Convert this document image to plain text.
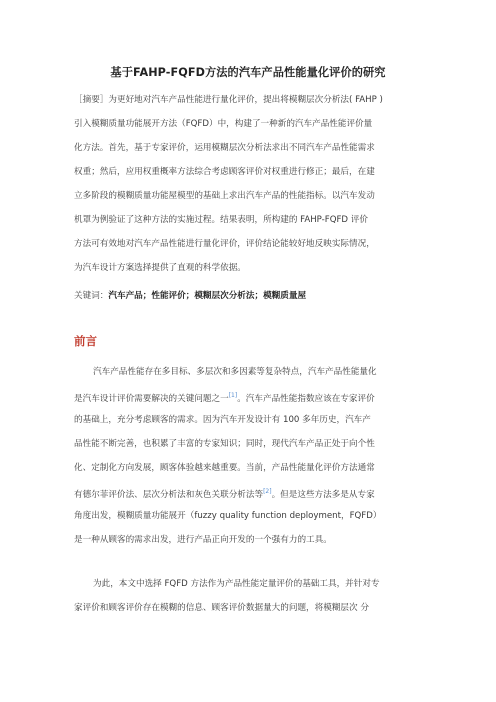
基于FAHP-FQFD方法的汽车产品性能量化评价的研究
［摘要］为更好地对汽车产品性能进行量化评价，提出将模糊层次分析法( FAHP )
引入模糊质量功能展开方法（FQFD）中，构建了一种新的汽车产品性能评价量
化方法。首先，基于专家评价，运用模糊层次分析法求出不同汽车产品性能需求
权重；然后，应用权重概率方法综合考虑顾客评价对权重进行修正；最后，在建
立多阶段的模糊质量功能屋模型的基础上求出汽车产品的性能指标。以汽车发动
机罩为例验证了这种方法的实施过程。结果表明，所构建的 FAHP-FQFD 评价
方法可有效地对汽车产品性能进行量化评价，评价结论能较好地反映实际情况，
为汽车设计方案选择提供了直观的科学依据。
关键词：汽车产品；性能评价；模糊层次分析法；模糊质量屋
前言
汽车产品性能存在多目标、多层次和多因素等复杂特点，汽车产品性能量化
是汽车设计评价需要解决的关键问题之一[1]。汽车产品性能指数应该在专家评价
的基础上，充分考虑顾客的需求。因为汽车开发设计有 100 多年历史，汽车产
品性能不断完善，也积累了丰富的专家知识；同时，现代汽车产品正处于向个性
化、定制化方向发展，顾客体验越来越重要。当前，产品性能量化评价方法通常
有德尔菲评价法、层次分析法和灰色关联分析法等[2]。但是这些方法多是从专家
角度出发，模糊质量功能展开（fuzzy quality function deployment，FQFD）
是一种从顾客的需求出发，进行产品正向开发的一个强有力的工具。
为此，本文中选择 FQFD 方法作为产品性能定量评价的基础工具，并针对专
家评价和顾客评价存在模糊的信息、顾客评价数据量大的问题，将模糊层次 分
